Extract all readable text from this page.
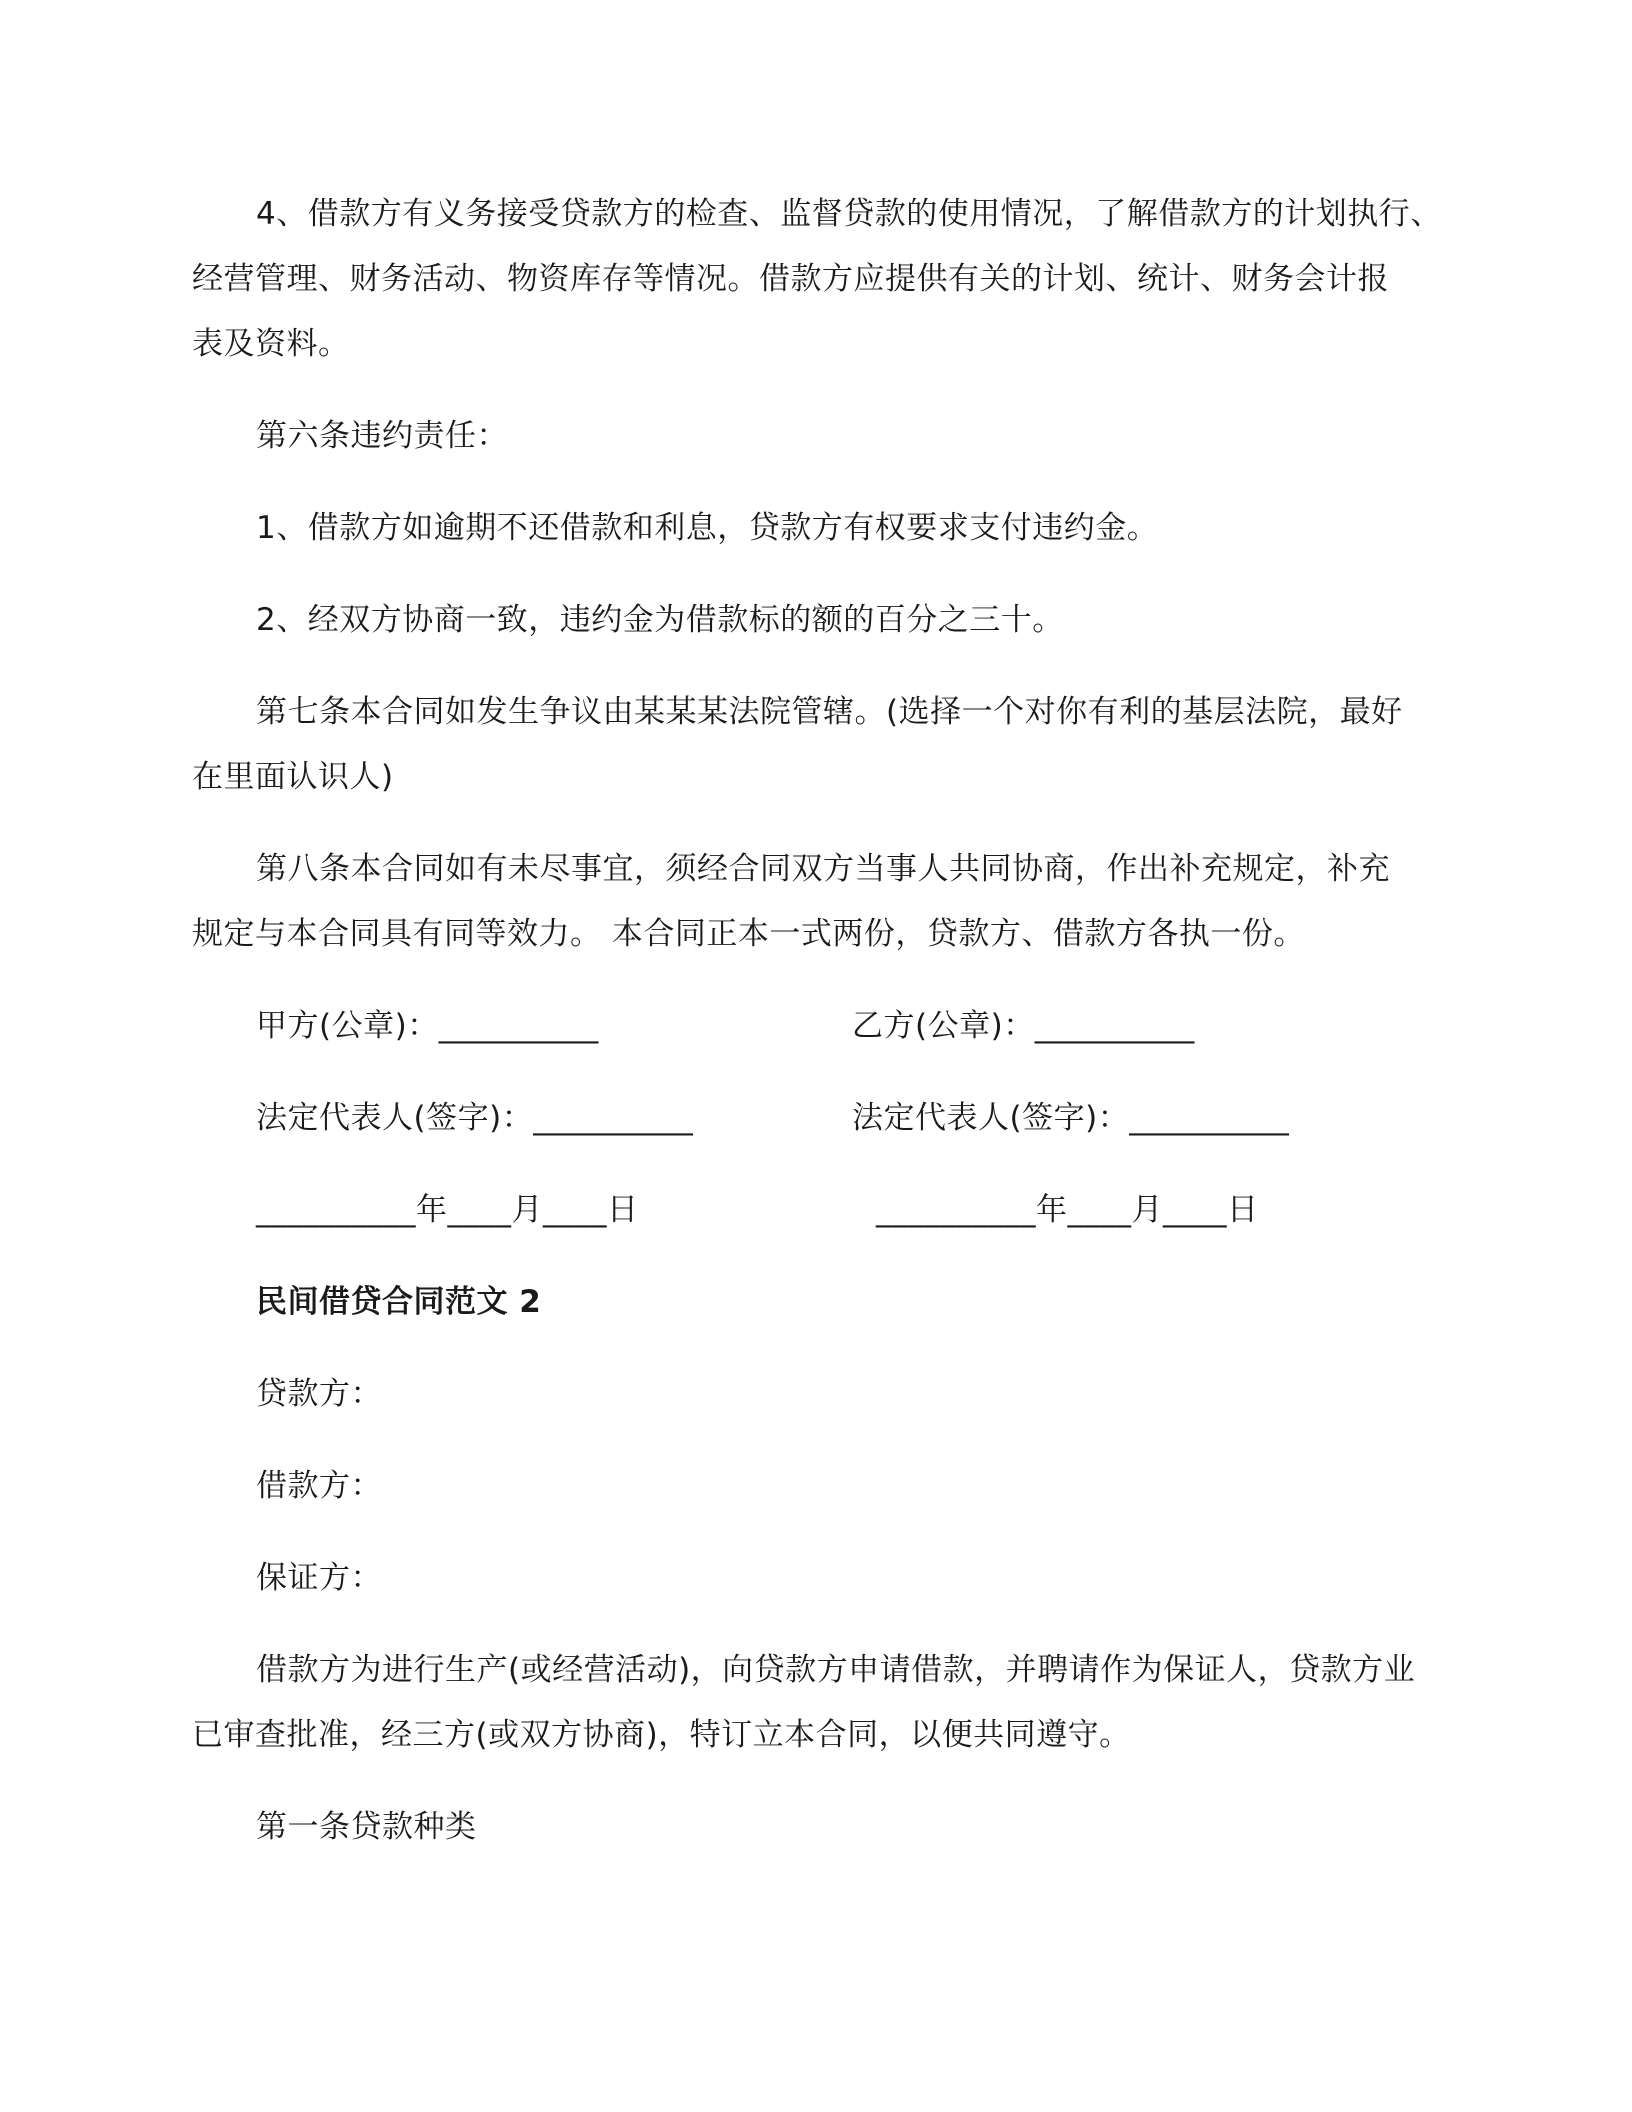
4、借款方有义务接受贷款方的检查、监督贷款的使用情况，了解借款方的计划执行、
经营管理、财务活动、物资库存等情况。借款方应提供有关的计划、统计、财务会计报
表及资料。
第六条违约责任：
1、借款方如逾期不还借款和利息，贷款方有权要求支付违约金。
2、经双方协商一致，违约金为借款标的额的百分之三十。
第七条本合同如发生争议由某某某法院管辖。(选择一个对你有利的基层法院，最好
在里面认识人)
第八条本合同如有未尽事宜，须经合同双方当事人共同协商，作出补充规定，补充
规定与本合同具有同等效力。 本合同正本一式两份，贷款方、借款方各执一份。
甲方(公章)：__________	乙方(公章)：__________
法定代表人(签字)：__________	法定代表人(签字)：__________
__________年____月____日	__________年____月____日
民间借贷合同范文 2
贷款方：
借款方：
保证方：
借款方为进行生产(或经营活动)，向贷款方申请借款，并聘请作为保证人，贷款方业
已审查批准，经三方(或双方协商)，特订立本合同，以便共同遵守。
第一条贷款种类
